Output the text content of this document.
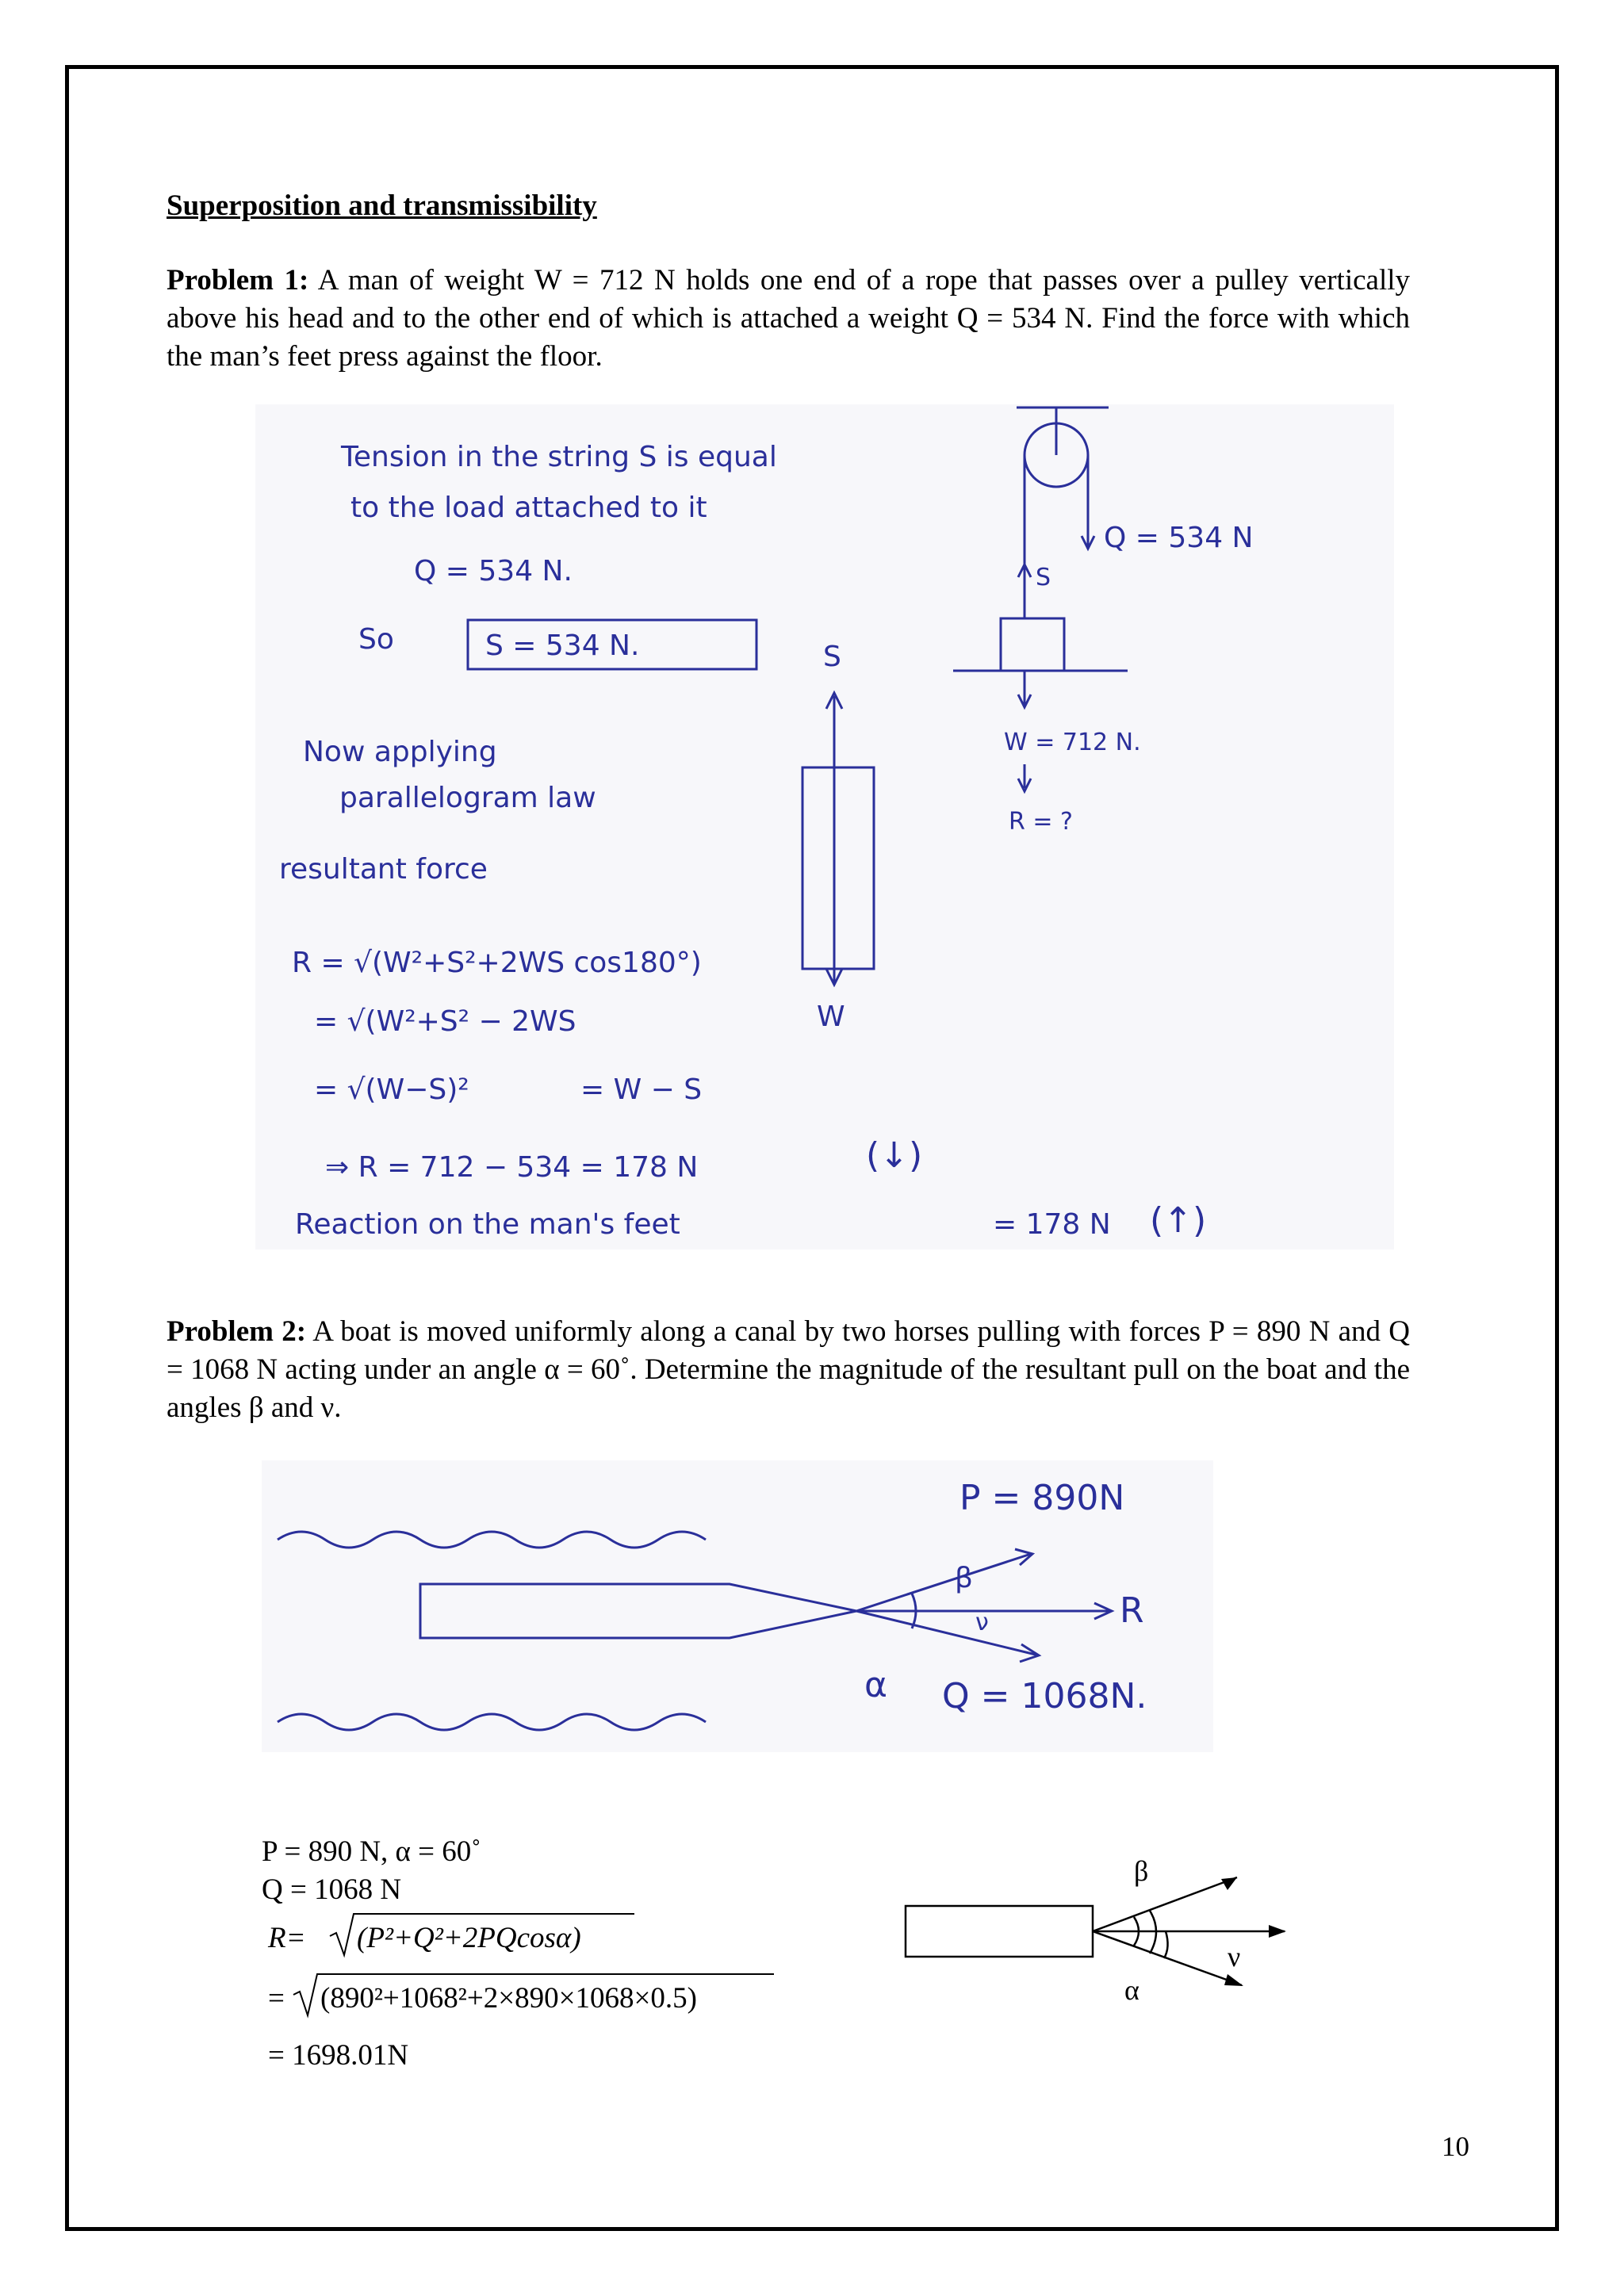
Superposition and transmissibility
Problem 1: A man of weight W = 712 N holds one end of a rope that passes over a pulley vertically above his head and to the other end of which is attached a weight Q = 534 N. Find the force with which the man’s feet press against the floor.
Tension in the string S is equal
to the load attached to it
Q = 534 N.
So	S = 534 N.
Now applying
parallelogram law
resultant force
R = √(W²+S²+2WS cos180°)
= √(W²+S² − 2WS
= √(W−S)²	= W − S
⇒ R = 712 − 534 = 178 N	(↓)
Reaction on the man's feet	= 178 N (↑)
S
W
Q = 534 N
S
W = 712 N.
R = ?
Problem 2: A boat is moved uniformly along a canal by two horses pulling with forces P = 890 N and Q = 1068 N acting under an angle α = 60˚. Determine the magnitude of the resultant pull on the boat and the angles β and ν.
P = 890N
β
ν	R
α Q = 1068N.
P = 890 N, α = 60˚
Q = 1068 N
R= (P²+Q²+2PQcosα)
= (890²+1068²+2×890×1068×0.5)
= 1698.01N
β
ν
α
10
